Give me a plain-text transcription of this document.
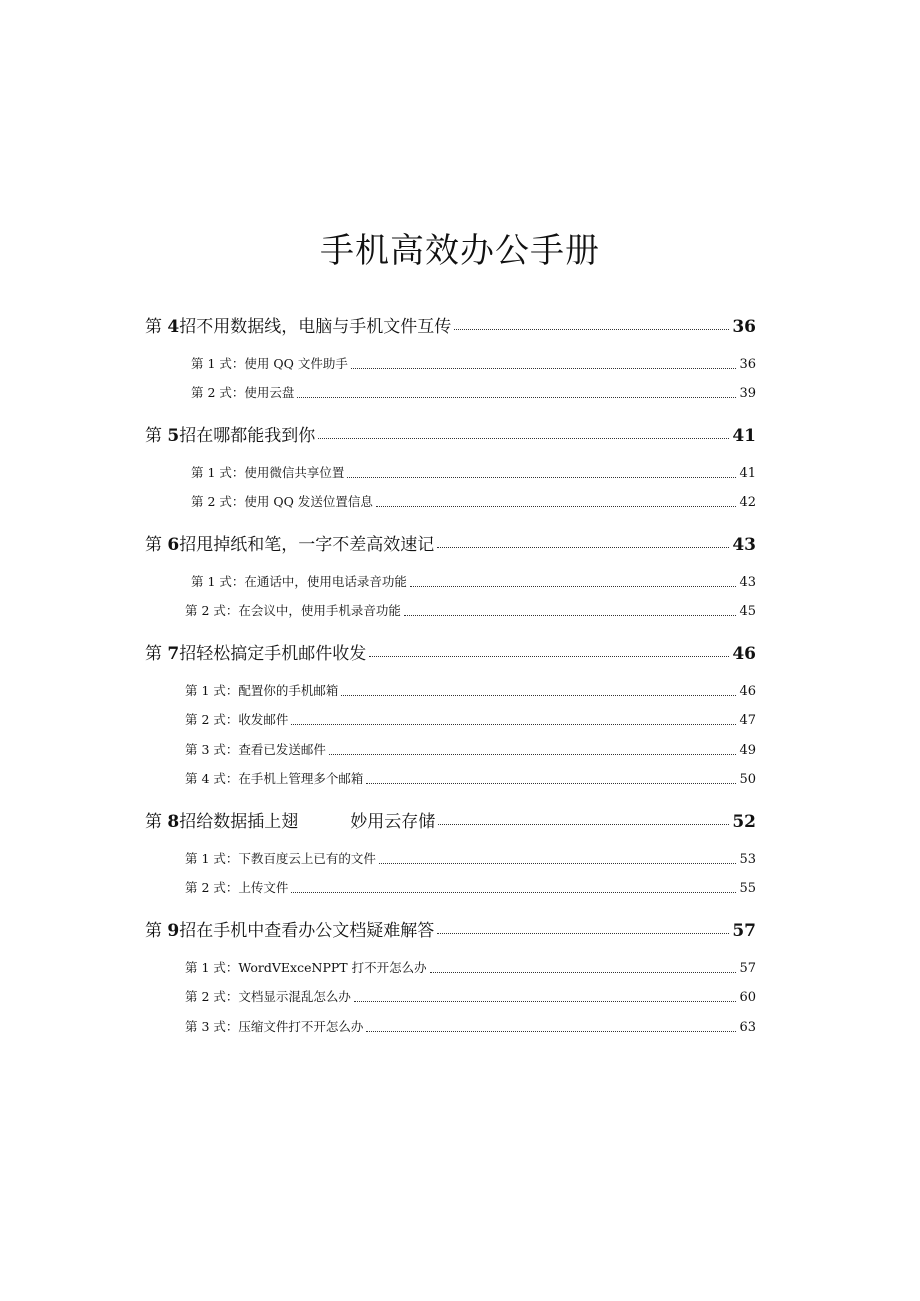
手机高效办公手册
第 4招不用数据线，电脑与手机文件互传	36
第 1 式：使用 QQ 文件助手	36
第 2 式：使用云盘	39
第 5招在哪都能我到你	41
第 1 式：使用微信共享位置	41
第 2 式：使用 QQ 发送位置信息	42
第 6招甩掉纸和笔，一字不差高效速记	43
第 1 式：在通话中，使用电话录音功能	43
第 2 式：在会议中，使用手机录音功能	45
第 7招轻松搞定手机邮件收发	46
第 1 式：配置你的手机邮箱	46
第 2 式：收发邮件	47
第 3 式：查看已发送邮件	49
第 4 式：在手机上管理多个邮箱	50
第 8招给数据插上翅	妙用云存储	52
第 1 式：下教百度云上已有的文件	53
第 2 式：上传文件	55
第 9招在手机中查看办公文档疑难解答	57
第 1 式：WordVExceNPPT 打不开怎么办	57
第 2 式：文档显示混乱怎么办	60
第 3 式：压缩文件打不开怎么办	63
